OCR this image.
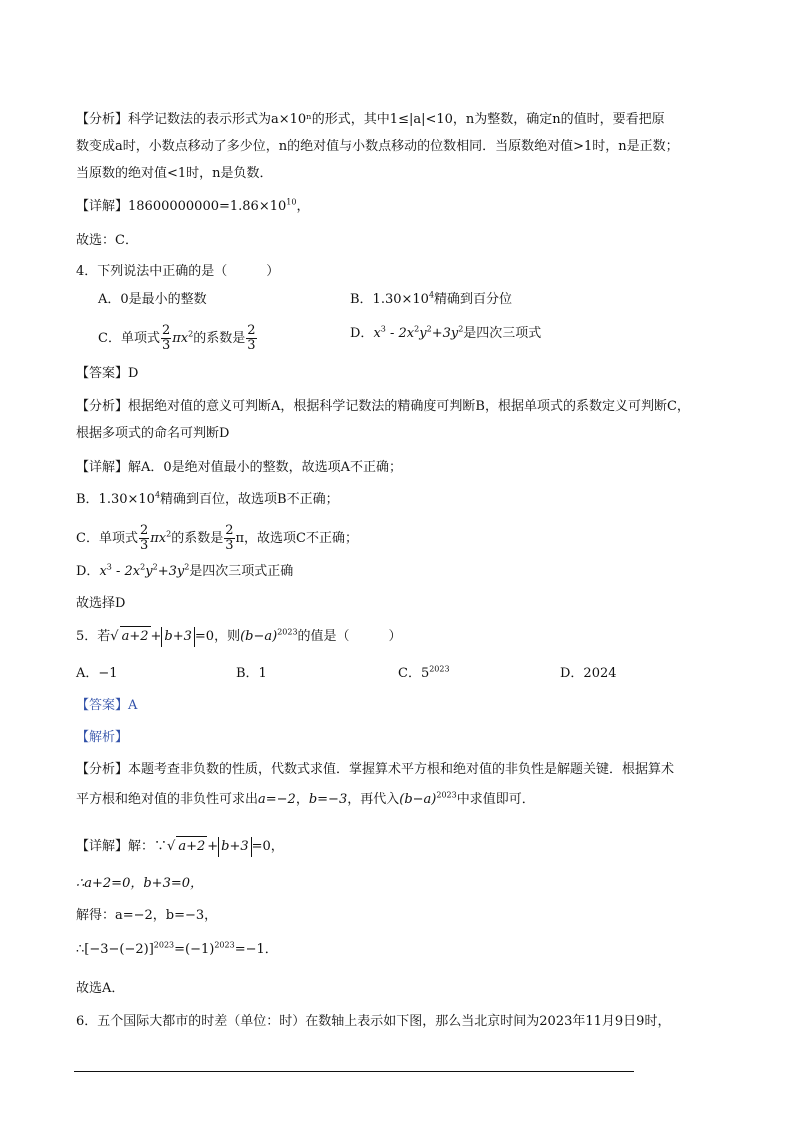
【分析】科学记数法的表示形式为a×10ⁿ的形式，其中1≤|a|<10，n为整数，确定n的值时，要看把原
数变成a时，小数点移动了多少位，n的绝对值与小数点移动的位数相同．当原数绝对值>1时，n是正数；
当原数的绝对值<1时，n是负数．
【详解】$18600000000=1.86\times 10^{10}$，
故选：C．
4．下列说法中正确的是（　　　）
A．0是最小的整数	B．$1.30\times 10^4$精确到百分位
C．单项式 $\frac{2}{3} \pi x^2$的系数是 $\frac{2}{3}$	D．$x^3 - 2x^2y^2+3y^2$是四次三项式
【答案】D
【分析】根据绝对值的意义可判断A，根据科学记数法的精确度可判断B，根据单项式的系数定义可判断C，
根据多项式的命名可判断D
【详解】解A．0是绝对值最小的整数，故选项A不正确；
B．$1.30\times 10^4$精确到百位，故选项B不正确；
C．单项式 $\frac{2}{3} \pi x^2$的系数是 $\frac{2}{3}$ π，故选项C不正确；
D．$x^3 - 2x^2y^2+3y^2$是四次三项式正确
故选择D
5．若√ a+2 + b+3 =0，则$(b-a)^{2023}$的值是（　　　）
A．−1	B．1	C．$5^{2023}$	D．2024
【答案】A
【解析】
【分析】本题考查非负数的性质，代数式求值．掌握算术平方根和绝对值的非负性是解题关键．根据算术
平方根和绝对值的非负性可求出a=−2，b=−3，再代入$(b-a)^{2023}$中求值即可．
【详解】解：∵√ a+2 + b+3 =0，
∴a+2=0，b+3=0，
解得：a=−2，b=−3，
$\therefore[-3-(-2)]^{2023}=(-1)^{2023}=-1$．
故选A．
6．五个国际大都市的时差（单位：时）在数轴上表示如下图，那么当北京时间为2023年11月9日9时，
